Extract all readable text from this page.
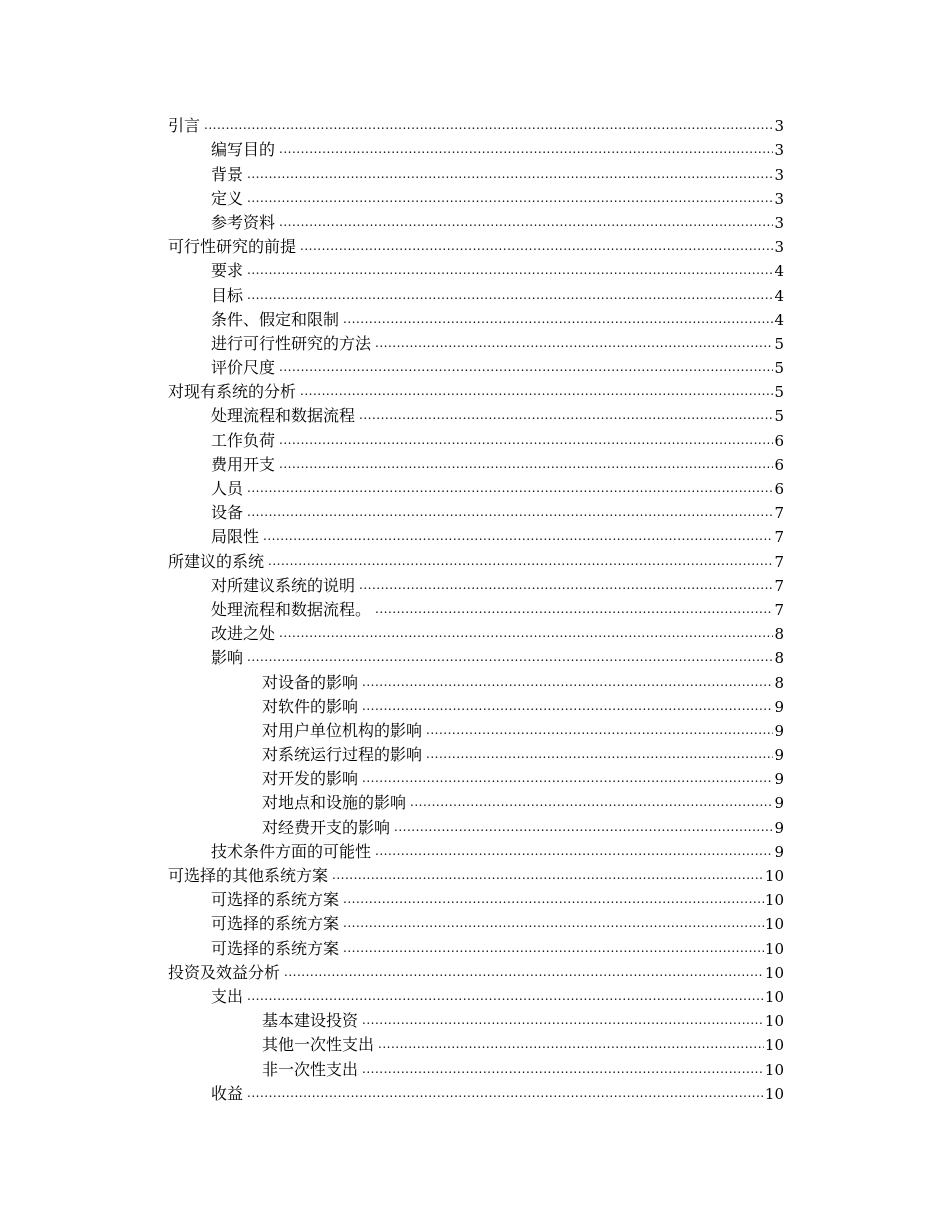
引言 .....	3
编写目的 .....	3
背景 .....	3
定义 .....	3
参考资料 .....	3
可行性研究的前提 .....	3
要求 .....	4
目标 .....	4
条件、假定和限制 .....	4
进行可行性研究的方法 .....	5
评价尺度 .....	5
对现有系统的分析 .....	5
处理流程和数据流程 .....	5
工作负荷 .....	6
费用开支 .....	6
人员 .....	6
设备 .....	7
局限性 .....	7
所建议的系统 .....	7
对所建议系统的说明 .....	7
处理流程和数据流程。 .....	7
改进之处 .....	8
影响 .....	8
对设备的影响 .....	8
对软件的影响 .....	9
对用户单位机构的影响 .....	9
对系统运行过程的影响 .....	9
对开发的影响 .....	9
对地点和设施的影响 .....	9
对经费开支的影响 .....	9
技术条件方面的可能性 .....	9
可选择的其他系统方案 .....	10
可选择的系统方案 .....	10
可选择的系统方案 .....	10
可选择的系统方案 .....	10
投资及效益分析 .....	10
支出 .....	10
基本建设投资 .....	10
其他一次性支出 .....	10
非一次性支出 .....	10
收益 .....	10
